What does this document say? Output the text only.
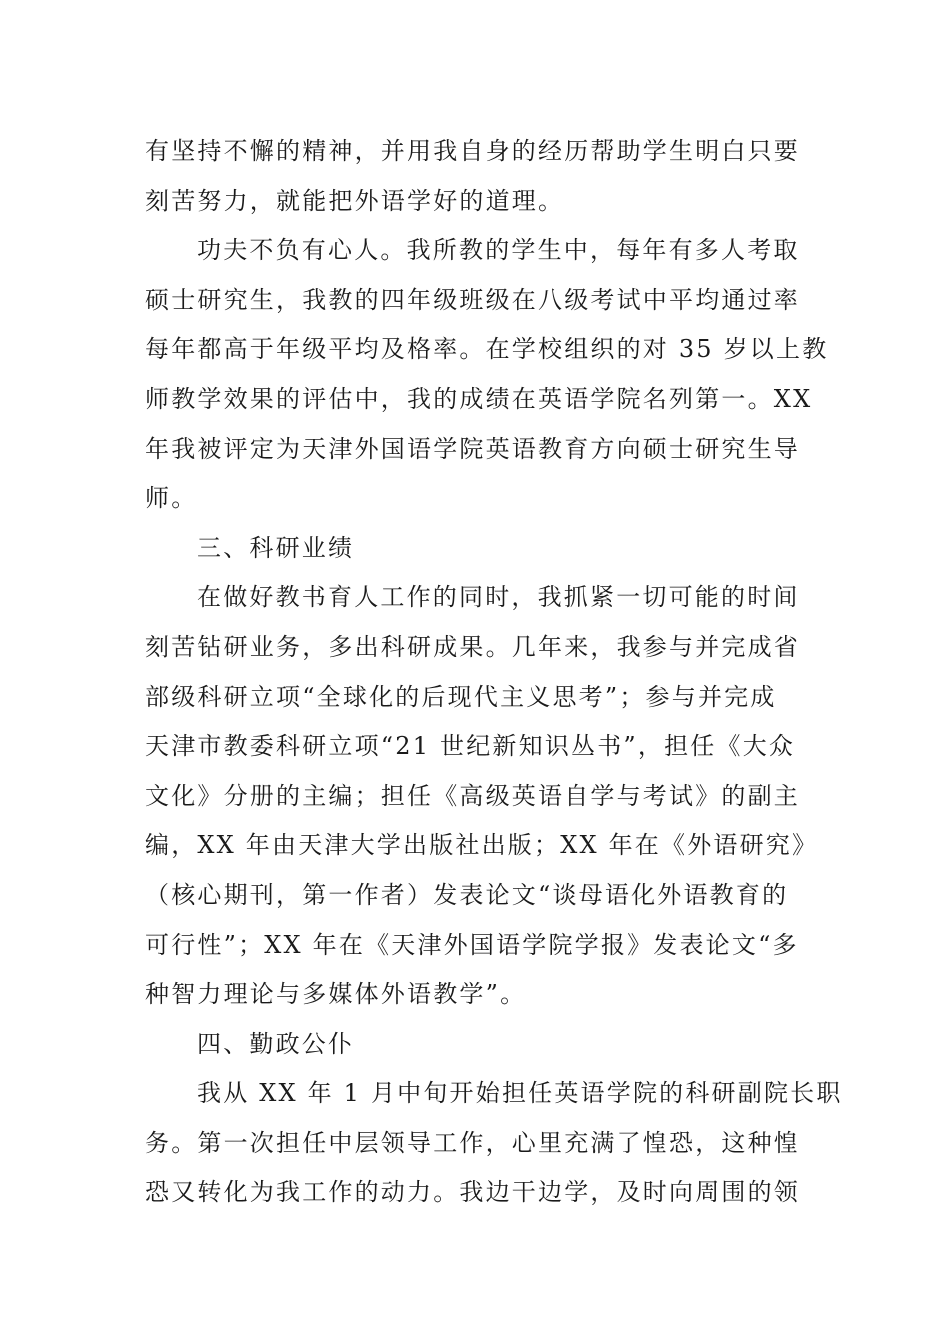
有坚持不懈的精神，并用我自身的经历帮助学生明白只要
刻苦努力，就能把外语学好的道理。
功夫不负有心人。我所教的学生中，每年有多人考取
硕士研究生，我教的四年级班级在八级考试中平均通过率
每年都高于年级平均及格率。在学校组织的对 35 岁以上教
师教学效果的评估中，我的成绩在英语学院名列第一。XX
年我被评定为天津外国语学院英语教育方向硕士研究生导
师。
三、科研业绩
在做好教书育人工作的同时，我抓紧一切可能的时间
刻苦钻研业务，多出科研成果。几年来，我参与并完成省
部级科研立项“全球化的后现代主义思考”；参与并完成
天津市教委科研立项“21 世纪新知识丛书”，担任《大众
文化》分册的主编；担任《高级英语自学与考试》的副主
编，XX 年由天津大学出版社出版；XX 年在《外语研究》
（核心期刊，第一作者）发表论文“谈母语化外语教育的
可行性”；XX 年在《天津外国语学院学报》发表论文“多
种智力理论与多媒体外语教学”。
四、勤政公仆
我从 XX 年 1 月中旬开始担任英语学院的科研副院长职
务。第一次担任中层领导工作，心里充满了惶恐，这种惶
恐又转化为我工作的动力。我边干边学，及时向周围的领
